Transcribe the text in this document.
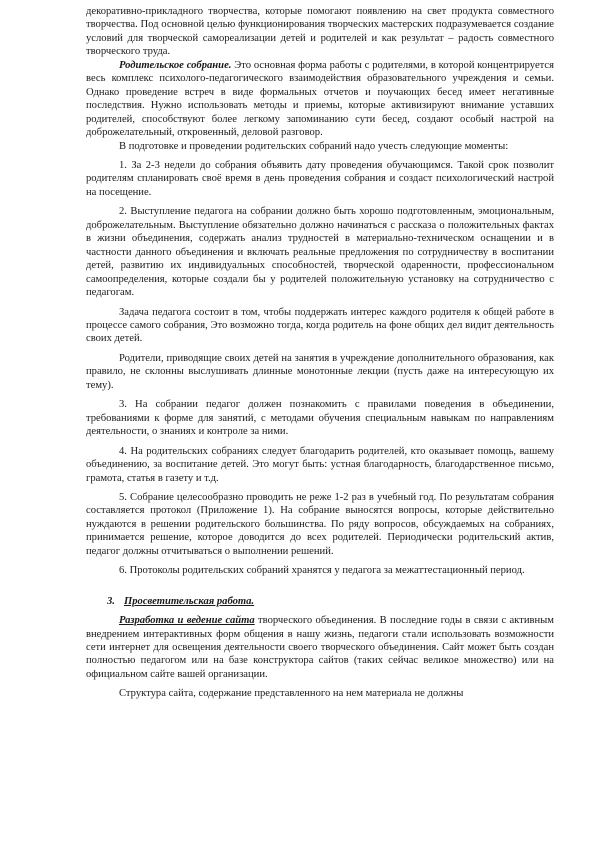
декоративно-прикладного творчества, которые помогают появлению на свет продукта совместного творчества. Под основной целью функционирования творческих мастерских подразумевается создание условий для творческой самореализации детей и родителей и как результат – радость совместного творческого труда.

Родительское собрание. Это основная форма работы с родителями, в которой концентрируется весь комплекс психолого-педагогического взаимодействия образовательного учреждения и семьи. Однако проведение встреч в виде формальных отчетов и поучающих бесед имеет негативные последствия. Нужно использовать методы и приемы, которые активизируют внимание уставших родителей, способствуют более легкому запоминанию сути бесед, создают особый настрой на доброжелательный, откровенный, деловой разговор.

В подготовке и проведении родительских собраний надо учесть следующие моменты:

1. За 2-3 недели до собрания объявить дату проведения обучающимся. Такой срок позволит родителям спланировать своё время в день проведения собрания и создаст психологический настрой на посещение.

2. Выступление педагога на собрании должно быть хорошо подготовленным, эмоциональным, доброжелательным. Выступление обязательно должно начинаться с рассказа о положительных фактах в жизни объединения, содержать анализ трудностей в материально-техническом оснащении и в частности данного объединения и включать реальные предложения по сотрудничеству в воспитании детей, развитию их индивидуальных способностей, творческой одаренности, профессиональном самоопределения, которые создали бы у родителей положительную установку на сотрудничество с педагогам.

Задача педагога состоит в том, чтобы поддержать интерес каждого родителя к общей работе в процессе самого собрания, Это возможно тогда, когда родитель на фоне общих дел видит деятельность своих детей.

Родители, приводящие своих детей на занятия в учреждение дополнительного образования, как правило, не склонны выслушивать длинные монотонные лекции (пусть даже на интересующую их тему).

3. На собрании педагог должен познакомить с правилами поведения в объединении, требованиями к форме для занятий, с методами обучения специальным навыкам по направлениям деятельности, о знаниях и контроле за ними.

4. На родительских собраниях следует благодарить родителей, кто оказывает помощь, вашему объединению, за воспитание детей. Это могут быть: устная благодарность, благодарственное письмо, грамота, статья в газету и т.д.

5. Собрание целесообразно проводить не реже 1-2 раз в учебный год. По результатам собрания составляется протокол (Приложение 1). На собрание выносятся вопросы, которые действительно нуждаются в решении родительского большинства. По ряду вопросов, обсуждаемых на собраниях, принимается решение, которое доводится до всех родителей. Периодически родительский актив, педагог должны отчитываться о выполнении решений.

6. Протоколы родительских собраний хранятся у педагога за межаттестационный период.

3. Просветительская работа.

Разработка и ведение сайта творческого объединения. В последние годы в связи с активным внедрением интерактивных форм общения в нашу жизнь, педагоги стали использовать возможности сети интернет для освещения деятельности своего творческого объединения. Сайт может быть создан полностью педагогом или на базе конструктора сайтов (таких сейчас великое множество) или на официальном сайте вашей организации.

Структура сайта, содержание представленного на нем материала не должны
